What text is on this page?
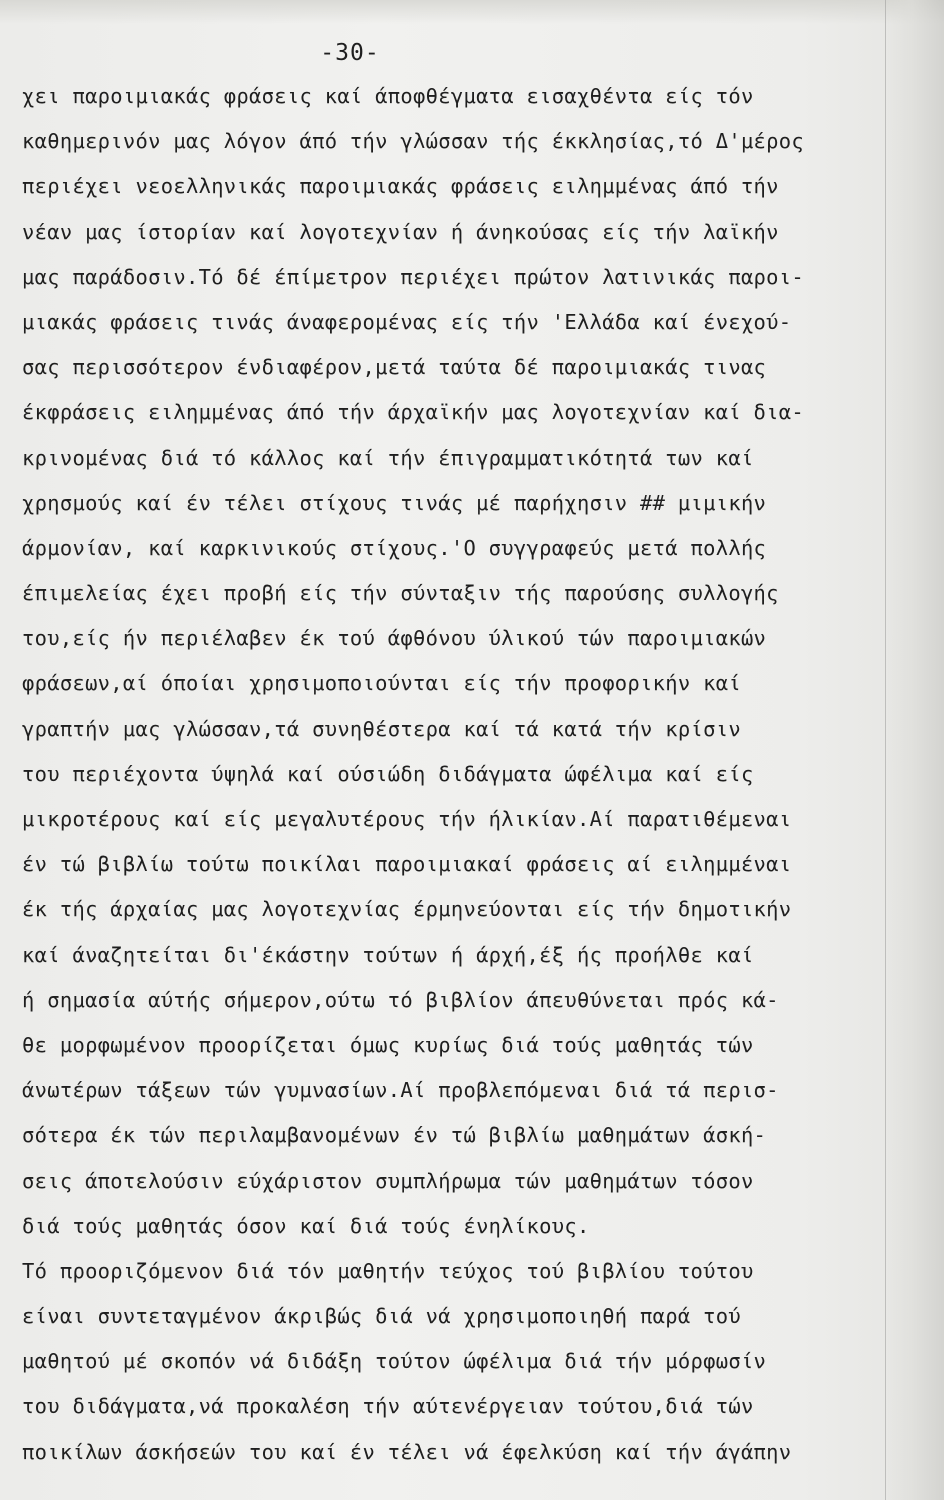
-30-
χει παροιμιακάς φράσεις καί άποφθέγματα εισαχθέντα είς τόν
καθημερινόν μας λόγον άπό τήν γλώσσαν τής έκκλησίας,τό Δ'μέρος
περιέχει νεοελληνικάς παροιμιακάς φράσεις ειλημμένας άπό τήν
νέαν μας ίστορίαν καί λογοτεχνίαν ή άνηκούσας είς τήν λαϊκήν
μας παράδοσιν.Τό δέ έπίμετρον περιέχει πρώτον λατινικάς παροι-
μιακάς φράσεις τινάς άναφερομένας είς τήν 'Ελλάδα καί ένεχού-
σας περισσότερον ένδιαφέρον,μετά ταύτα δέ παροιμιακάς τινας
έκφράσεις ειλημμένας άπό τήν άρχαϊκήν μας λογοτεχνίαν καί δια-
κρινομένας διά τό κάλλος καί τήν έπιγραμματικότητά των καί
χρησμούς καί έν τέλει στίχους τινάς μέ παρήχησιν ## μιμικήν
άρμονίαν, καί καρκινικούς στίχους.'Ο συγγραφεύς μετά πολλής
έπιμελείας έχει προβή είς τήν σύνταξιν τής παρούσης συλλογής
του,είς ήν περιέλαβεν έκ τού άφθόνου ύλικού τών παροιμιακών
φράσεων,αί όποίαι χρησιμοποιούνται είς τήν προφορικήν καί
γραπτήν μας γλώσσαν,τά συνηθέστερα καί τά κατά τήν κρίσιν
του περιέχοντα ύψηλά καί ούσιώδη διδάγματα ώφέλιμα καί είς
μικροτέρους καί είς μεγαλυτέρους τήν ήλικίαν.Αί παρατιθέμεναι
έν τώ βιβλίω τούτω ποικίλαι παροιμιακαί φράσεις αί ειλημμέναι
έκ τής άρχαίας μας λογοτεχνίας έρμηνεύονται είς τήν δημοτικήν
καί άναζητείται δι'έκάστην τούτων ή άρχή,έξ ής προήλθε καί
ή σημασία αύτής σήμερον,ούτω τό βιβλίον άπευθύνεται πρός κά-
θε μορφωμένον προορίζεται όμως κυρίως διά τούς μαθητάς τών
άνωτέρων τάξεων τών γυμνασίων.Αί προβλεπόμεναι διά τά περισ-
σότερα έκ τών περιλαμβανομένων έν τώ βιβλίω μαθημάτων άσκή-
σεις άποτελούσιν εύχάριστον συμπλήρωμα τών μαθημάτων τόσον
διά τούς μαθητάς όσον καί διά τούς ένηλίκους.
Τό προοριζόμενον διά τόν μαθητήν τεύχος τού βιβλίου τούτου
είναι συντεταγμένον άκριβώς διά νά χρησιμοποιηθή παρά τού
μαθητού μέ σκοπόν νά διδάξη τούτον ώφέλιμα διά τήν μόρφωσίν
του διδάγματα,νά προκαλέση τήν αύτενέργειαν τούτου,διά τών
ποικίλων άσκήσεών του καί έν τέλει νά έφελκύση καί τήν άγάπην
